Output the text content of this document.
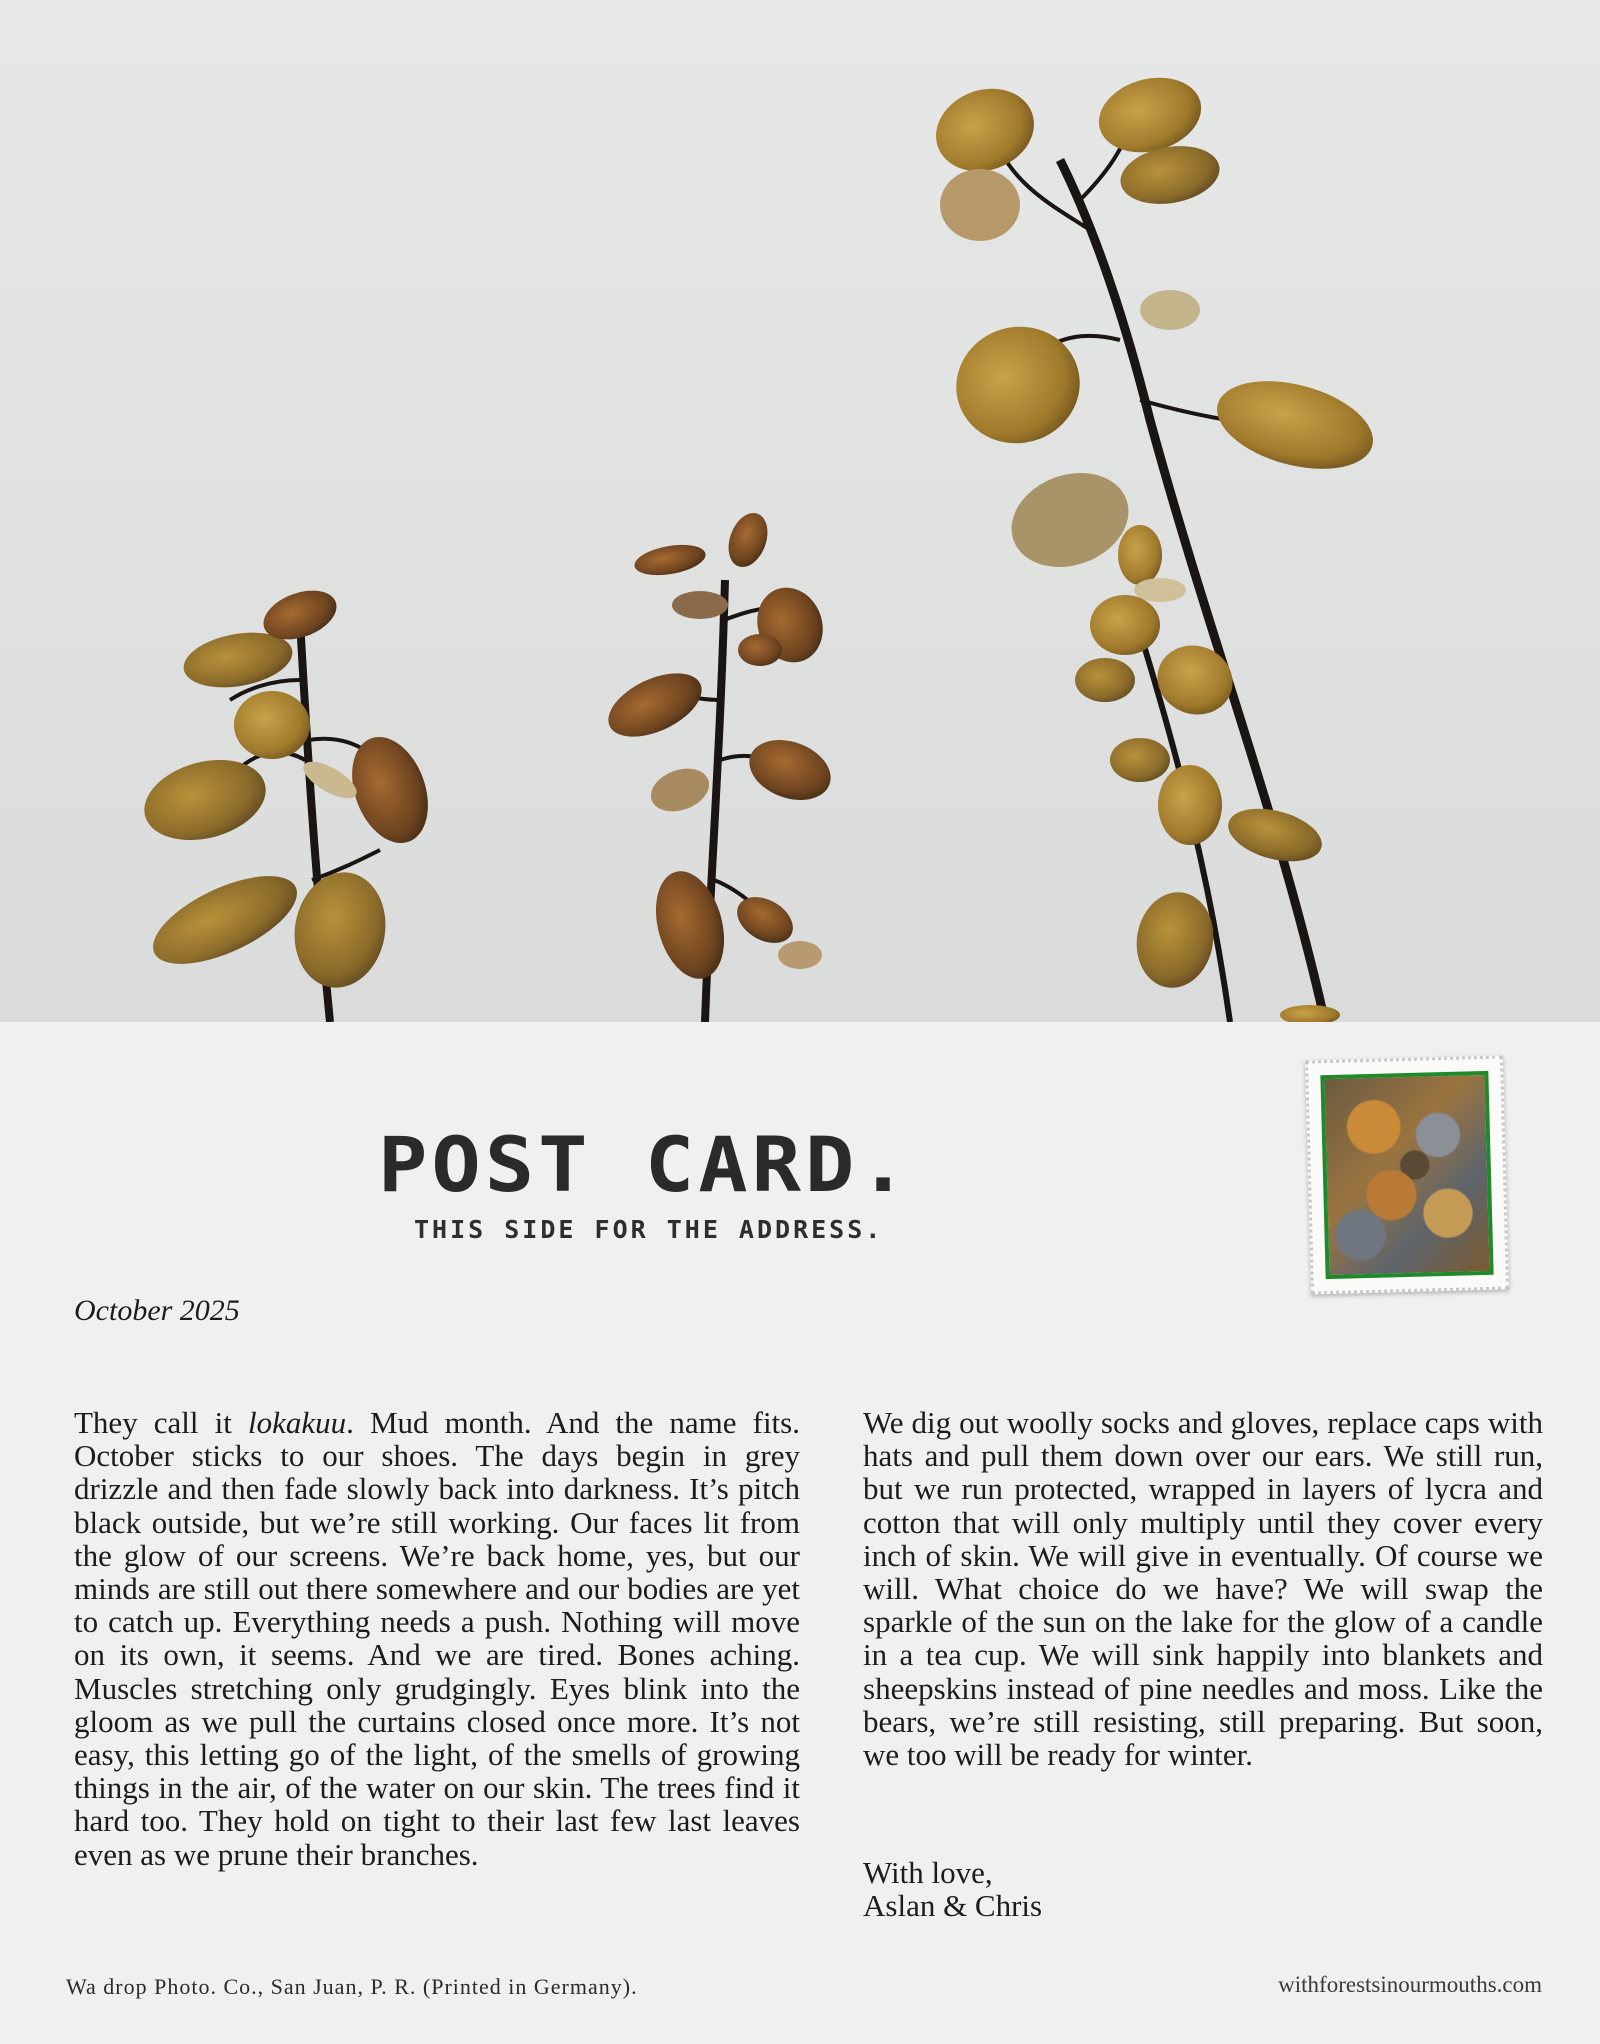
POST CARD.
THIS SIDE FOR THE ADDRESS.
October 2025

They call it lokakuu. Mud month. And the name fits. October sticks to our shoes. The days begin in grey drizzle and then fade slowly back into darkness. It’s pitch black outside, but we’re still working. Our faces lit from the glow of our screens. We’re back home, yes, but our minds are still out there somewhere and our bodies are yet to catch up. Everything needs a push. Nothing will move on its own, it seems. And we are tired. Bones aching. Muscles stretching only grudgingly. Eyes blink into the gloom as we pull the curtains closed once more. It’s not easy, this letting go of the light, of the smells of growing things in the air, of the water on our skin. The trees find it hard too. They hold on tight to their last few last leaves even as we prune their branches.

We dig out woolly socks and gloves, replace caps with hats and pull them down over our ears. We still run, but we run protected, wrapped in layers of lycra and cotton that will only multiply until they cover every inch of skin. We will give in eventually. Of course we will. What choice do we have? We will swap the sparkle of the sun on the lake for the glow of a candle in a tea cup. We will sink happily into blankets and sheepskins instead of pine needles and moss. Like the bears, we’re still resisting, still preparing. But soon, we too will be ready for winter.

With love,
Aslan & Chris
Wa drop Photo. Co., San Juan, P. R. (Printed in Germany).	withforestsinourmouths.com
